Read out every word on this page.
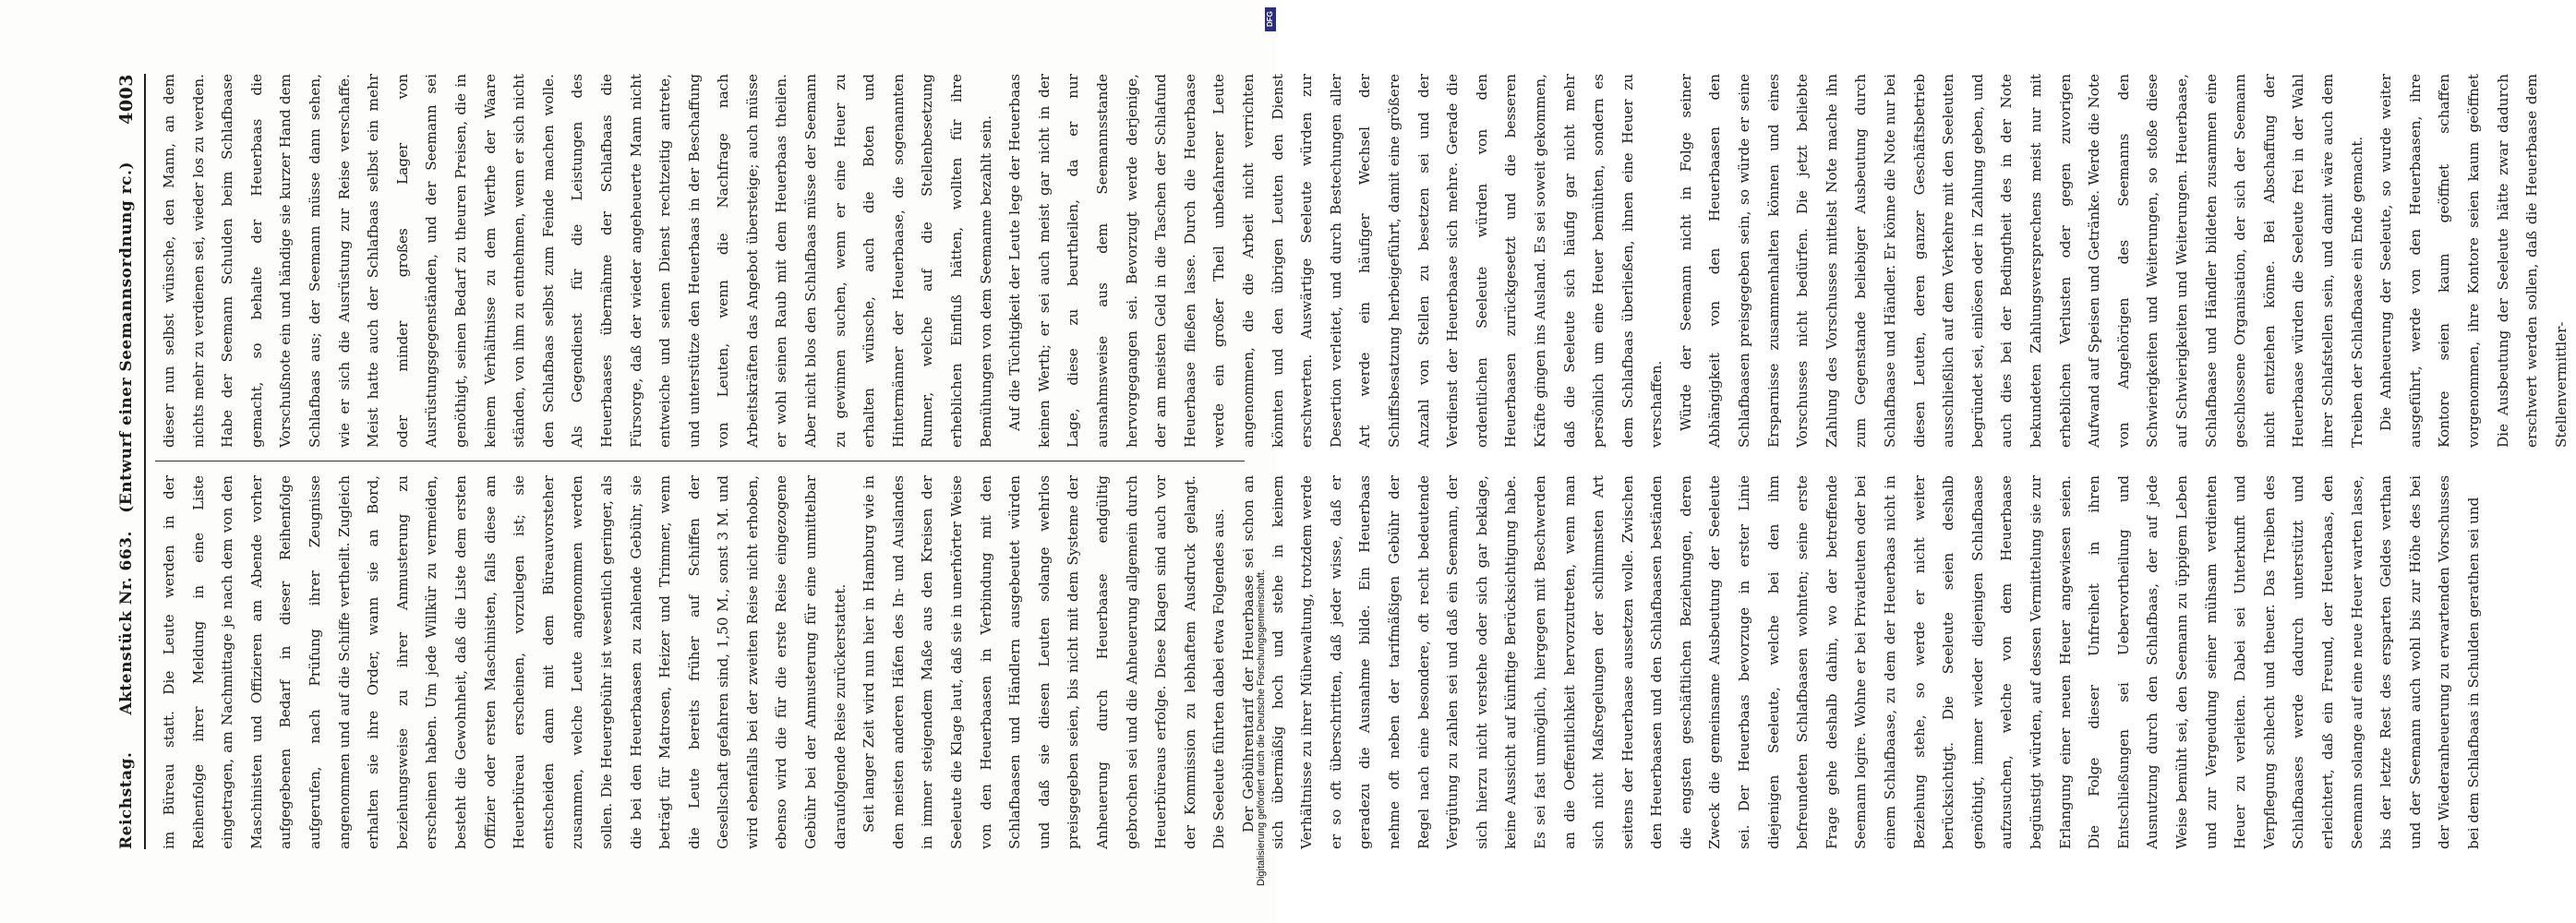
Reichstag.
Aktenstück Nr. 663.   (Entwurf einer Seemannsordnung rc.)
4003

im Büreau statt. Die Leute werden in der Reihenfolge ihrer Meldung in eine Liste eingetragen, am Nachmittage je nach dem von den Maschinisten und Offizieren am Abende vorher aufgegebenen Bedarf in dieser Reihenfolge aufgerufen, nach Prüfung ihrer Zeugnisse angenommen und auf die Schiffe vertheilt. Zugleich erhalten sie ihre Order, wann sie an Bord, beziehungsweise zu ihrer Anmusterung zu erscheinen haben. Um jede Willkür zu vermeiden, besteht die Gewohnheit, daß die Liste dem ersten Offizier oder ersten Maschinisten, falls diese am Heuerbüreau erscheinen, vorzulegen ist; sie entscheiden dann mit dem Büreauvorsteher zusammen, welche Leute angenommen werden sollen. Die Heuergebühr ist wesentlich geringer, als die bei den Heuerbaasen zu zahlende Gebühr, sie beträgt für Matrosen, Heizer und Trimmer, wenn die Leute bereits früher auf Schiffen der Gesellschaft gefahren sind, 1,50 M., sonst 3 M. und wird ebenfalls bei der zweiten Reise nicht erhoben, ebenso wird die für die erste Reise eingezogene Gebühr bei der Anmusterung für eine unmittelbar daraufolgende Reise zurückerstattet. Seit langer Zeit wird nun hier in Hamburg wie in den meisten anderen Häfen des In- und Auslandes in immer steigendem Maße aus den Kreisen der Seeleute die Klage laut, daß sie in unerhörter Weise von den Heuerbaasen in Verbindung mit den Schlafbaasen und Händlern ausgebeutet würden und daß sie diesen Leuten solange wehrlos preisgegeben seien, bis nicht mit dem Systeme der Anheuerung durch Heuerbaase endgültig gebrochen sei und die Anheuerung allgemein durch Heuerbüreaus erfolge. Diese Klagen sind auch vor der Kommission zu lebhaftem Ausdruck gelangt. Die Seeleute führten dabei etwa Folgendes aus. Der Gebührentarif der Heuerbaase sei schon an sich übermäßig hoch und stehe in keinem Verhältnisse zu ihrer Mühewaltung, trotzdem werde er so oft überschritten, daß jeder wisse, daß er geradezu die Ausnahme bilde. Ein Heuerbaas nehme oft neben der tarifmäßigen Gebühr der Regel nach eine besondere, oft recht bedeutende Vergütung zu zahlen sei und daß ein Seemann, der sich hierzu nicht verstehe oder sich gar beklage, keine Aussicht auf künftige Berücksichtigung habe. Es sei fast unmöglich, hiergegen mit Beschwerden an die Oeffentlichkeit hervorzutreten, wenn man sich nicht Maßregelungen der schlimmsten Art seitens der Heuerbaase aussetzen wolle. Zwischen den Heuerbaasen und den Schlafbaasen beständen die engsten geschäftlichen Beziehungen, deren Zweck die gemeinsame Ausbeutung der Seeleute sei. Der Heuerbaas bevorzuge in erster Linie diejenigen Seeleute, welche bei den ihm befreundeten Schlafbaasen wohnten; seine erste Frage gehe deshalb dahin, wo der betreffende Seemann logire. Wohne er bei Privatleuten oder bei einem Schlafbaase, zu dem der Heuerbaas nicht in Beziehung stehe, so werde er nicht weiter berücksichtigt. Die Seeleute seien deshalb genöthigt, immer wieder diejenigen Schlafbaase aufzusuchen, welche von dem Heuerbaase begünstigt würden, auf dessen Vermittelung sie zur Erlangung einer neuen Heuer angewiesen seien. Die Folge dieser Unfreiheit in ihren Entschließungen sei Uebervortheilung und Ausnutzung durch den Schlafbaas, der auf jede Weise bemüht sei, den Seemann zu üppigem Leben und zur Vergeudung seiner mühsam verdienten Heuer zu verleiten. Dabei sei Unterkunft und Verpflegung schlecht und theuer. Das Treiben des Schlafbaases werde dadurch unterstützt und erleichtert, daß ein Freund, der Heuerbaas, den Seemann solange auf eine neue Heuer warten lasse, bis der letzte Rest des ersparten Geldes verthan und der Seemann auch wohl bis zur Höhe des bei der Wiederanheuerung zu erwartenden Vorschusses bei dem Schlafbaas in Schulden gerathen sei und

dieser nun selbst wünsche, den Mann, an dem nichts mehr zu verdienen sei, wieder los zu werden. Habe der Seemann Schulden beim Schlafbaase gemacht, so behalte der Heuerbaas die Vorschußnote ein und händige sie kurzer Hand dem Schlafbaas aus; der Seemann müsse dann sehen, wie er sich die Ausrüstung zur Reise verschaffe. Meist hatte auch der Schlafbaas selbst ein mehr oder minder großes Lager von Ausrüstungsgegenständen, und der Seemann sei genöthigt, seinen Bedarf zu theuren Preisen, die in keinem Verhältnisse zu dem Werthe der Waare ständen, von ihm zu entnehmen, wenn er sich nicht den Schlafbaas selbst zum Feinde machen wolle. Als Gegendienst für die Leistungen des Heuerbaases übernähme der Schlafbaas die Fürsorge, daß der wieder angeheuerte Mann nicht entweiche und seinen Dienst rechtzeitig antrete, und unterstütze den Heuerbaas in der Beschaffung von Leuten, wenn die Nachfrage nach Arbeitskräften das Angebot übersteige; auch müsse er wohl seinen Raub mit dem Heuerbaas theilen. Aber nicht blos den Schlafbaas müsse der Seemann zu gewinnen suchen, wenn er eine Heuer zu erhalten wünsche, auch die Boten und Hintermänner der Heuerbaase, die sogenannten Runner, welche auf die Stellenbesetzung erheblichen Einfluß hätten, wollten für ihre Bemühungen von dem Seemanne bezahlt sein. Auf die Tüchtigkeit der Leute lege der Heuerbaas keinen Werth; er sei auch meist gar nicht in der Lage, diese zu beurtheilen, da er nur ausnahmsweise aus dem Seemannsstande hervorgegangen sei. Bevorzugt werde derjenige, der am meisten Geld in die Taschen der Schlafund Heuerbaase fließen lasse. Durch die Heuerbaase werde ein großer Theil unbefahrener Leute angenommen, die die Arbeit nicht verrichten könnten und den übrigen Leuten den Dienst erschwerten. Auswärtige Seeleute würden zur Desertion verleitet, und durch Bestechungen aller Art werde ein häufiger Wechsel der Schiffsbesatzung herbeigeführt, damit eine größere Anzahl von Stellen zu besetzen sei und der Verdienst der Heuerbaase sich mehre. Gerade die ordentlichen Seeleute würden von den Heuerbaasen zurückgesetzt und die besseren Kräfte gingen ins Ausland. Es sei soweit gekommen, daß die Seeleute sich häufig gar nicht mehr persönlich um eine Heuer bemühten, sondern es dem Schlafbaas überließen, ihnen eine Heuer zu verschaffen. Würde der Seemann nicht in Folge seiner Abhängigkeit von den Heuerbaasen den Schlafbaasen preisgegeben sein, so würde er seine Ersparnisse zusammenhalten können und eines Vorschusses nicht bedürfen. Die jetzt beliebte Zahlung des Vorschusses mittelst Note mache ihn zum Gegenstande beliebiger Ausbeutung durch Schlafbaase und Händler. Er könne die Note nur bei diesen Leuten, deren ganzer Geschäftsbetrieb ausschließlich auf dem Verkehre mit den Seeleuten begründet sei, einlösen oder in Zahlung geben, und auch dies bei der Bedingtheit des in der Note bekundeten Zahlungsversprechens meist nur mit erheblichen Verlusten oder gegen zuvorigen Aufwand auf Speisen und Getränke. Werde die Note von Angehörigen des Seemanns den Schwierigkeiten und Weiterungen, so stoße diese auf Schwierigkeiten und Weiterungen. Heuerbaase, Schlafbaase und Händler bildeten zusammen eine geschlossene Organisation, der sich der Seemann nicht entziehen könne. Bei Abschaffung der Heuerbaase würden die Seeleute frei in der Wahl ihrer Schlafstellen sein, und damit wäre auch dem Treiben der Schlafbaase ein Ende gemacht. Die Anheuerung der Seeleute, so wurde weiter ausgeführt, werde von den Heuerbaasen, ihre Kontore seien kaum geöffnet schaffen vorgenommen, ihre Kontore seien kaum geöffnet Die Ausbeutung der Seeleute hätte zwar dadurch erschwert werden sollen, daß die Heuerbaase dem Stellenvermittler-

Digitalisierung gefördert durch die Deutsche Forschungsgemeinschaft.
DFG
